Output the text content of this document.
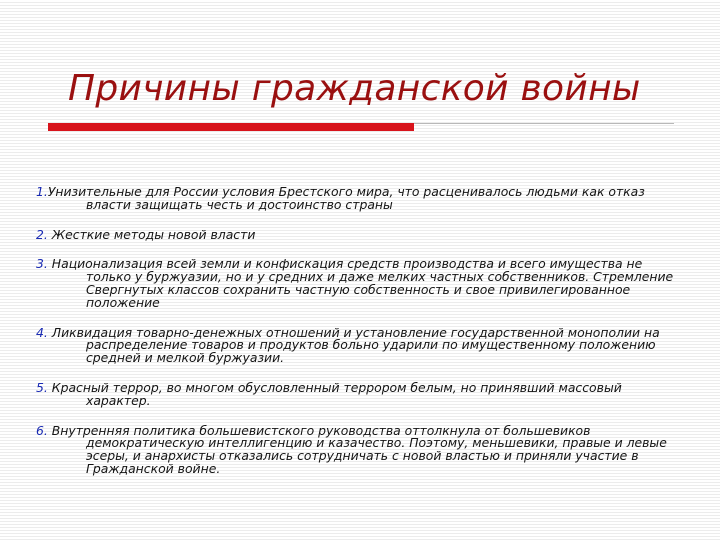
Причины гражданской войны
1.Унизительные для России условия Брестского мира, что расценивалось людьми как отказ власти защищать честь и достоинство страны
2. Жесткие методы новой власти
3. Национализация всей земли и конфискация средств производства и всего имущества не только у буржуазии, но и у средних и даже мелких частных собственников. Стремление Свергнутых классов сохранить частную собственность и свое привилегированное положение
4. Ликвидация товарно-денежных отношений и установление государственной монополии на распределение товаров и продуктов больно ударили по имущественному положению средней и мелкой буржуазии.
5. Красный террор, во многом обусловленный террором белым, но принявший массовый характер.
6. Внутренняя политика большевистского руководства оттолкнула от большевиков демократическую интеллигенцию и казачество. Поэтому, меньшевики, правые и левые эсеры, и анархисты отказались сотрудничать с новой властью и приняли участие в Гражданской войне.
